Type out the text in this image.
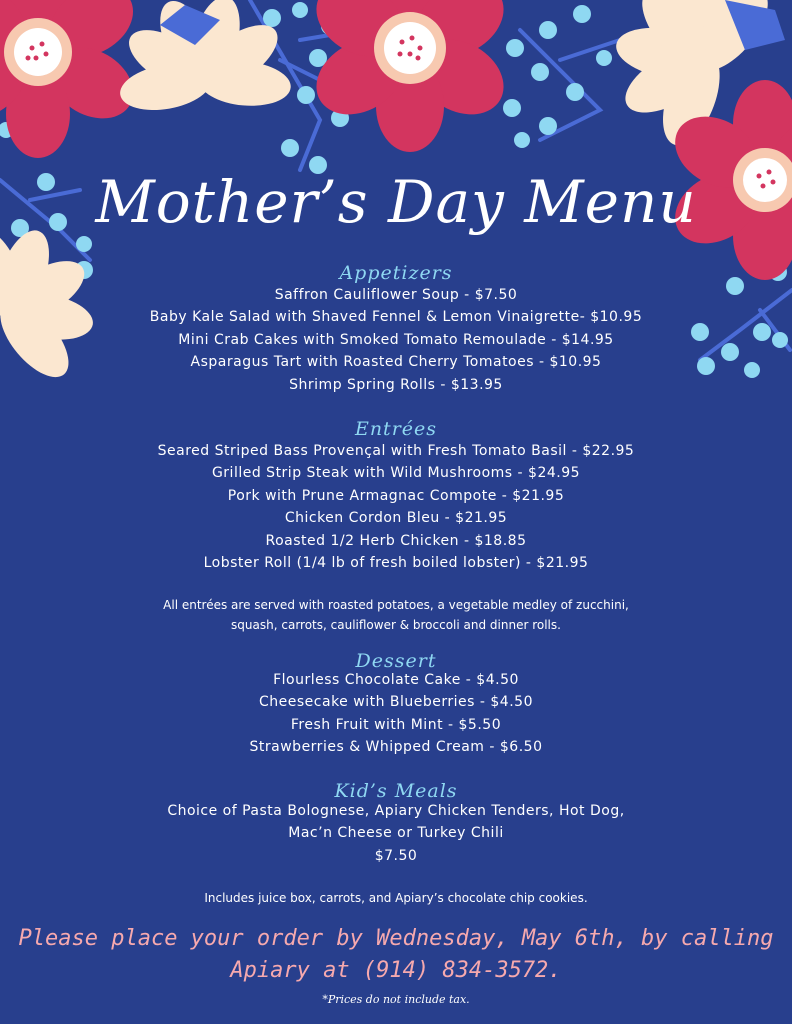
Mother’s Day Menu
Appetizers
Saffron Cauliflower Soup - $7.50
Baby Kale Salad with Shaved Fennel & Lemon Vinaigrette- $10.95
Mini Crab Cakes with Smoked Tomato Remoulade - $14.95
Asparagus Tart with Roasted Cherry Tomatoes - $10.95
Shrimp Spring Rolls - $13.95
Entrées
Seared Striped Bass Provençal with Fresh Tomato Basil - $22.95
Grilled Strip Steak with Wild Mushrooms - $24.95
Pork with Prune Armagnac Compote - $21.95
Chicken Cordon Bleu - $21.95
Roasted 1/2 Herb Chicken - $18.85
Lobster Roll (1/4 lb of fresh boiled lobster) - $21.95

All entrées are served with roasted potatoes, a vegetable medley of zucchini,

squash, carrots, cauliflower & broccoli and dinner rolls.

Dessert
Flourless Chocolate Cake - $4.50
Cheesecake with Blueberries - $4.50
Fresh Fruit with Mint - $5.50
Strawberries & Whipped Cream - $6.50
Kid’s Meals
Choice of Pasta Bolognese, Apiary Chicken Tenders, Hot Dog,
Mac’n Cheese or Turkey Chili
$7.50

Includes juice box, carrots, and Apiary’s chocolate chip cookies.

Please place your order by Wednesday, May 6th, by calling
Apiary at (914) 834-3572.

*Prices do not include tax.
